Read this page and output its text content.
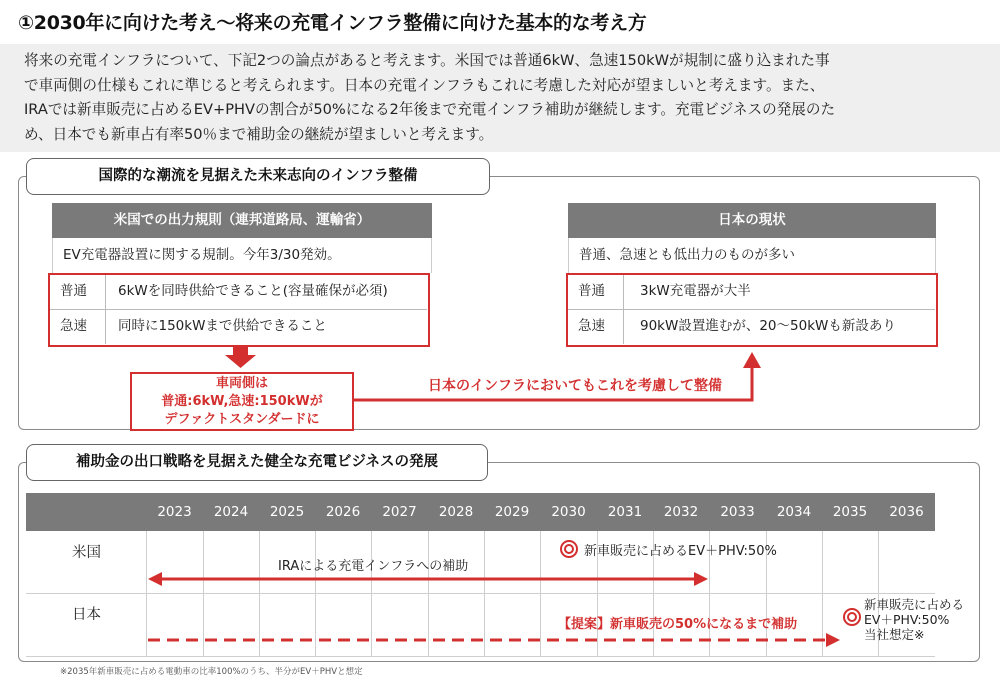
①2030年に向けた考え～将来の充電インフラ整備に向けた基本的な考え方
将来の充電インフラについて、下記2つの論点があると考えます。米国では普通6kW、急速150kWが規制に盛り込まれた事
で車両側の仕様もこれに準じると考えられます。日本の充電インフラもこれに考慮した対応が望ましいと考えます。また、
IRAでは新車販売に占めるEV+PHVの割合が50%になる2年後まで充電インフラ補助が継続します。充電ビジネスの発展のた
め、日本でも新車占有率50％まで補助金の継続が望ましいと考えます。
国際的な潮流を見据えた未来志向のインフラ整備
米国での出力規則（連邦道路局、運輸省）
EV充電器設置に関する規制。今年3/30発効。
普通 6kWを同時供給できること(容量確保が必須)
急速 同時に150kWまで供給できること
日本の現状
普通、急速とも低出力のものが多い
普通	3kW充電器が大半
急速	90kW設置進むが、20～50kWも新設あり
車両側は
普通:6kW,急速:150kWが
デファクトスタンダードに
日本のインフラにおいてもこれを考慮して整備
補助金の出口戦略を見据えた健全な充電ビジネスの発展
2023	2024	2025	2026	2027	2028	2029	2030	2031	2032	2033	2034	2035	2036
米国
日本
新車販売に占めるEV＋PHV:50%
IRAによる充電インフラへの補助
【提案】新車販売の50%になるまで補助
新車販売に占める
EV＋PHV:50%
当社想定※
※2035年新車販売に占める電動車の比率100%のうち、半分がEV＋PHVと想定
